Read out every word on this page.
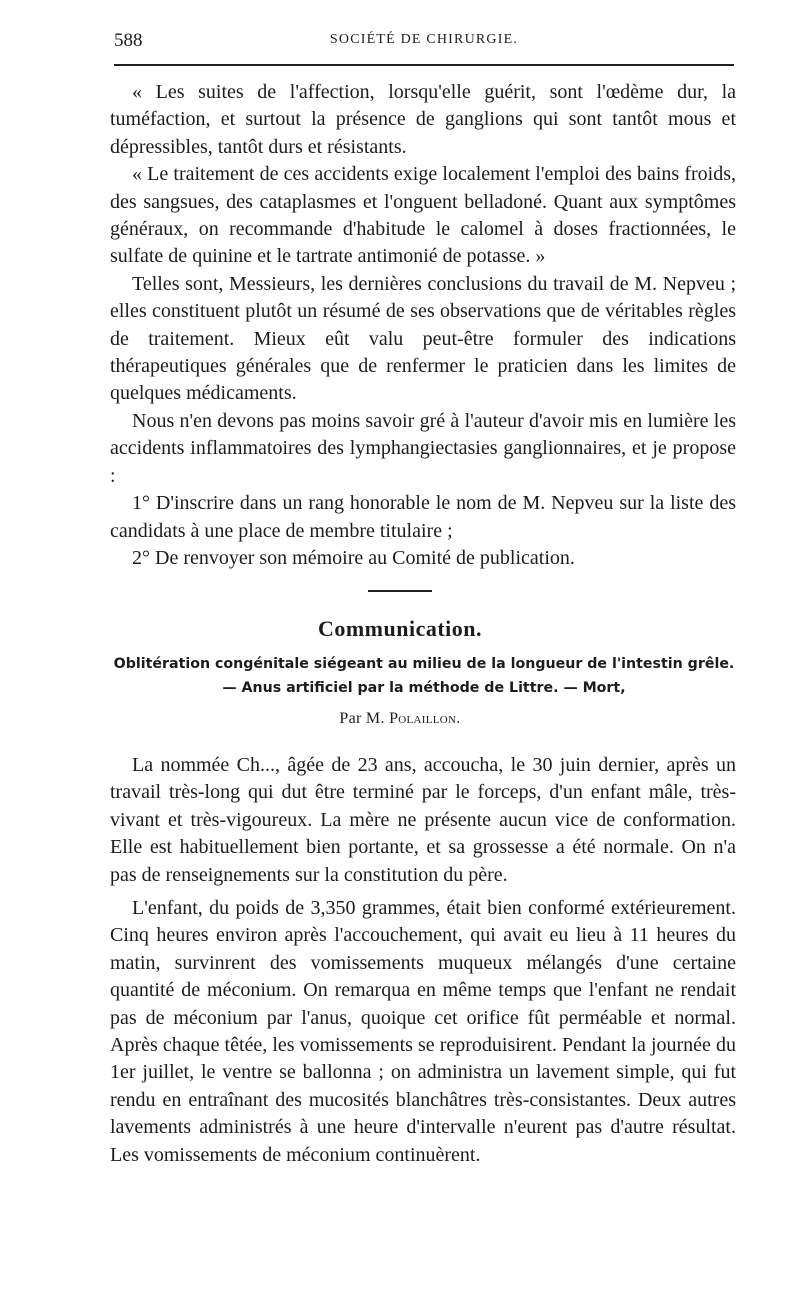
588	SOCIÉTÉ DE CHIRURGIE.

« Les suites de l'affection, lorsqu'elle guérit, sont l'œdème dur, la tuméfaction, et surtout la présence de ganglions qui sont tantôt mous et dépressibles, tantôt durs et résistants.

« Le traitement de ces accidents exige localement l'emploi des bains froids, des sangsues, des cataplasmes et l'onguent belladoné. Quant aux symptômes généraux, on recommande d'habitude le calomel à doses fractionnées, le sulfate de quinine et le tartrate antimonié de potasse. »

Telles sont, Messieurs, les dernières conclusions du travail de M. Nepveu ; elles constituent plutôt un résumé de ses observations que de véritables règles de traitement. Mieux eût valu peut-être formuler des indications thérapeutiques générales que de renfermer le praticien dans les limites de quelques médicaments.

Nous n'en devons pas moins savoir gré à l'auteur d'avoir mis en lumière les accidents inflammatoires des lymphangiectasies ganglionnaires, et je propose :

1° D'inscrire dans un rang honorable le nom de M. Nepveu sur la liste des candidats à une place de membre titulaire ;

2° De renvoyer son mémoire au Comité de publication.

Communication.
Oblitération congénitale siégeant au milieu de la longueur de l'intestin grêle. — Anus artificiel par la méthode de Littre. — Mort,
Par M. Polaillon.

La nommée Ch..., âgée de 23 ans, accoucha, le 30 juin dernier, après un travail très-long qui dut être terminé par le forceps, d'un enfant mâle, très-vivant et très-vigoureux. La mère ne présente aucun vice de conformation. Elle est habituellement bien portante, et sa grossesse a été normale. On n'a pas de renseignements sur la constitution du père.

L'enfant, du poids de 3,350 grammes, était bien conformé extérieurement. Cinq heures environ après l'accouchement, qui avait eu lieu à 11 heures du matin, survinrent des vomissements muqueux mélangés d'une certaine quantité de méconium. On remarqua en même temps que l'enfant ne rendait pas de méconium par l'anus, quoique cet orifice fût perméable et normal. Après chaque têtée, les vomissements se reproduisirent. Pendant la journée du 1er juillet, le ventre se ballonna ; on administra un lavement simple, qui fut rendu en entraînant des mucosités blanchâtres très-consistantes. Deux autres lavements administrés à une heure d'intervalle n'eurent pas d'autre résultat. Les vomissements de méconium continuèrent.
